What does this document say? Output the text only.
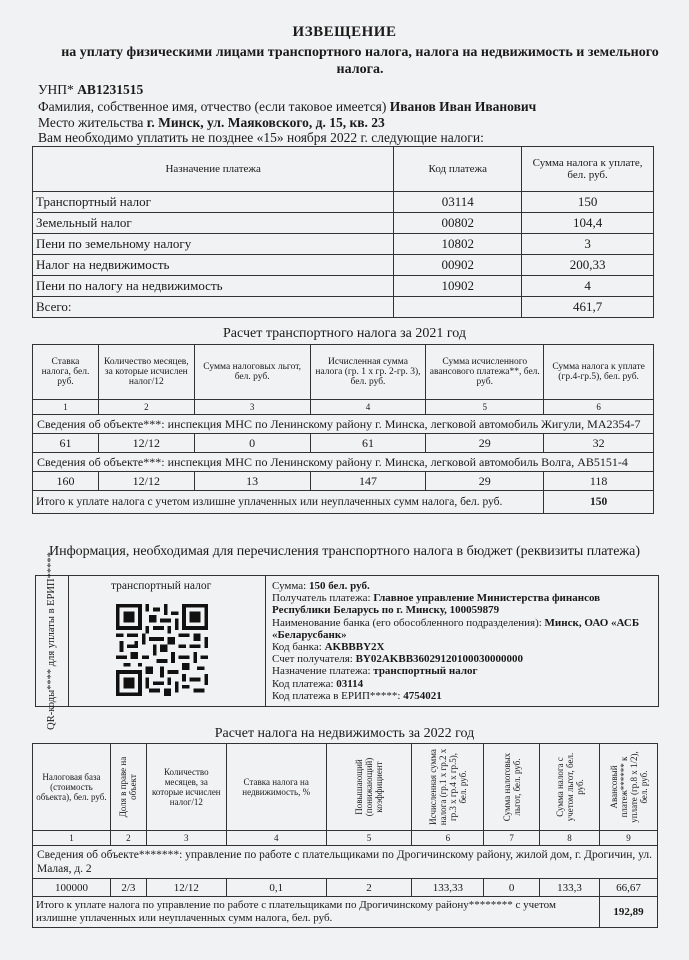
ИЗВЕЩЕНИЕ
на уплату физическими лицами транспортного налога, налога на недвижимость и земельного налога.
УНП* AB1231515
Фамилия, собственное имя, отчество (если таковое имеется) Иванов Иван Иванович
Место жительства г. Минск, ул. Маяковского, д. 15, кв. 23
Вам необходимо уплатить не позднее «15» ноября 2022 г. следующие налоги:
Назначение платежа	Код платежа	Сумма налога к уплате, бел. руб.
Транспортный налог	03114	150
Земельный налог	00802	104,4
Пени по земельному налогу	10802	3
Налог на недвижимость	00902	200,33
Пени по налогу на недвижимость	10902	4
Всего:		461,7
Расчет транспортного налога за 2021 год
Ставка налога, бел. руб.	Количество месяцев, за которые исчислен налог/12	Сумма налоговых льгот, бел. руб.	Исчисленная сумма налога (гр. 1 х гр. 2-гр. 3), бел. руб.	Сумма исчисленного авансового платежа**, бел. руб.	Сумма налога к уплате (гр.4-гр.5), бел. руб.
1	2	3	4	5	6
Сведения об объекте***: инспекция МНС по Ленинскому району г. Минска, легковой автомобиль Жигули, МА2354-7					
61	12/12	0	61	29	32
Сведения об объекте***: инспекция МНС по Ленинскому району г. Минска, легковой автомобиль Волга, АВ5151-4					
160	12/12	13	147	29	118
Итого к уплате налога с учетом излишне уплаченных или неуплаченных сумм налога, бел. руб.					150
Информация, необходимая для перечисления транспортного налога в бюджет (реквизиты платежа)
QR-коды**** для уплаты в ЕРИП*****	транспортный налог	Сумма: 150 бел. руб.
Получатель платежа: Главное управление Министерства финансов Республики Беларусь по г. Минску, 100059879
Наименование банка (его обособленного подразделения): Минск, ОАО «АСБ «Беларусбанк»
Код банка: AKBBBY2X
Счет получателя: BY02AKBB36029120100030000000
Назначение платежа: транспортный налог
Код платежа: 03114
Код платежа в ЕРИП*****: 4754021
Расчет налога на недвижимость за 2022 год
Налоговая база (стоимость объекта), бел. руб.	Доля в праве на объект	Количество месяцев, за которые исчислен налог/12	Ставка налога на недвижимость, %	Повышающий (понижающий) коэффициент	Исчисленная сумма налога (гр.1 х гр.2 х гр.3 х гр.4 х гр.5), бел. руб.	Сумма налоговых льгот, бел. руб.	Сумма налога с учетом льгот, бел. руб.	Авансовый платеж****** к уплате (гр.8 х 1/2), бел. руб.

1	2	3	4	5	6	7	8	9
Сведения об объекте*******: управление по работе с плательщиками по Дрогичинскому району, жилой дом, г. Дрогичин, ул. Малая, д. 2								
100000	2/3	12/12	0,1	2	133,33	0	133,3	66,67
Итого к уплате налога по управление по работе с плательщиками по Дрогичинскому району******** с учетом излишне уплаченных или неуплаченных сумм налога, бел. руб.								192,89
